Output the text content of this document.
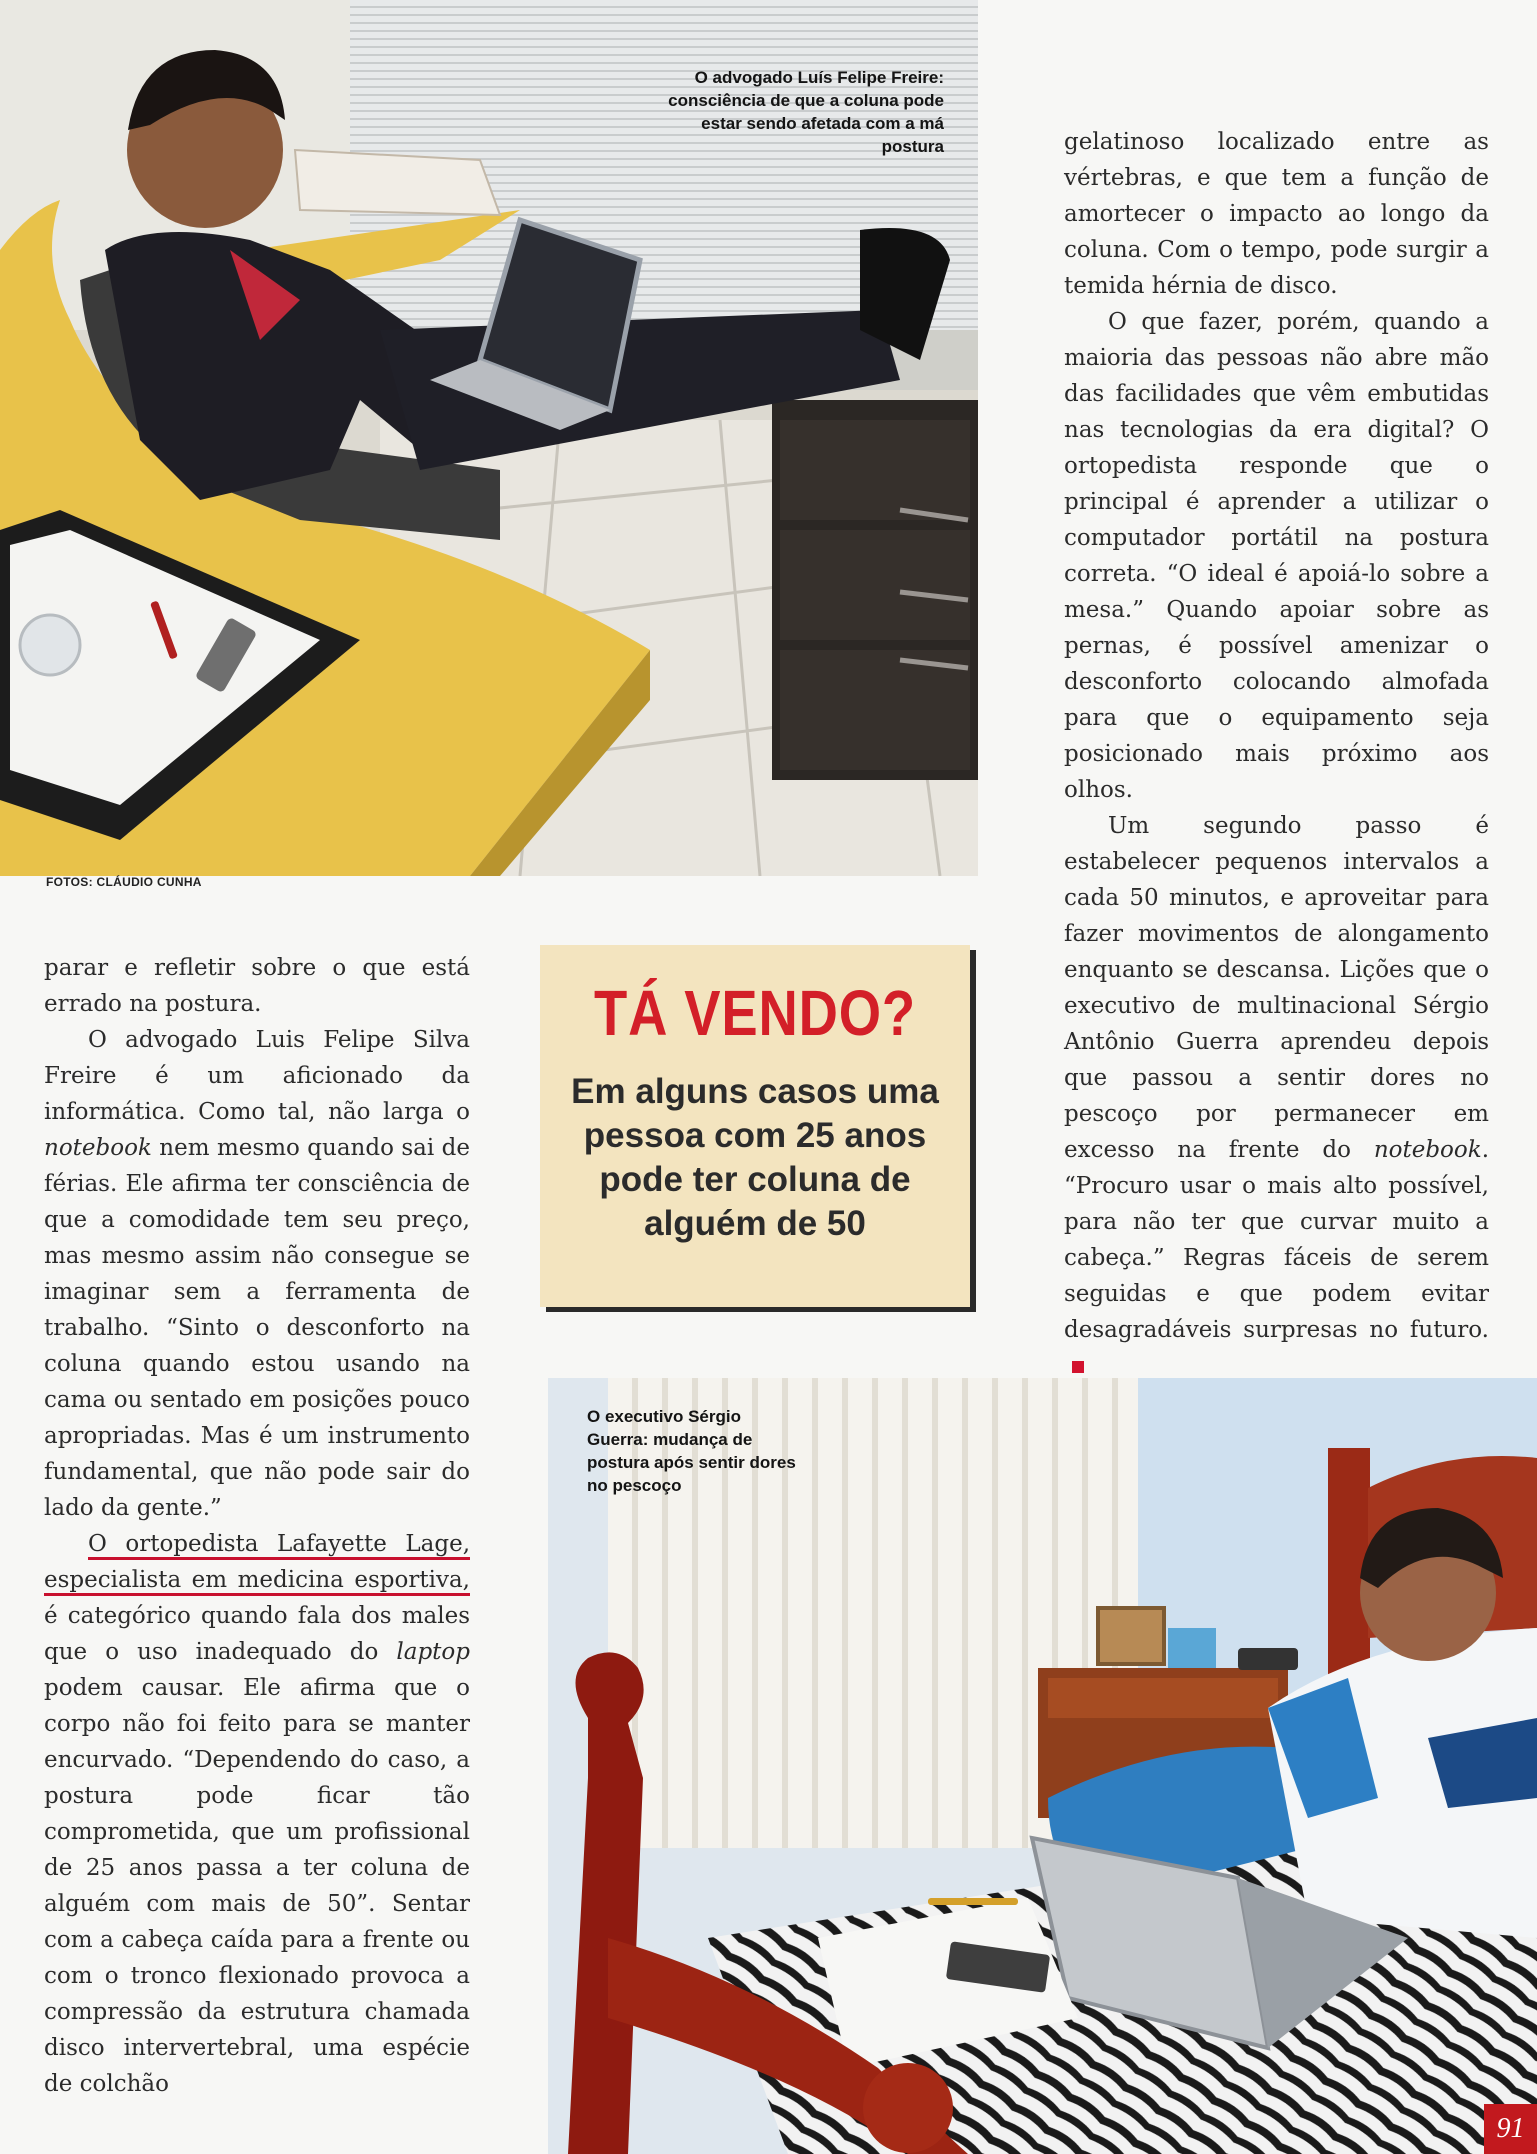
O advogado Luís Felipe Freire: consciência de que a coluna pode estar sendo afetada com a má postura
FOTOS: CLÁUDIO CUNHA
TÁ VENDO?
Em alguns casos uma pessoa com 25 anos pode ter coluna de alguém de 50

parar e refletir sobre o que está errado na postura.

O advogado Luis Felipe Silva Freire é um aficionado da informática. Como tal, não larga o notebook nem mesmo quando sai de férias. Ele afirma ter consciência de que a comodidade tem seu preço, mas mesmo assim não consegue se imaginar sem a ferramenta de trabalho. “Sinto o desconforto na coluna quando estou usando na cama ou sentado em posições pouco apropriadas. Mas é um instrumento fundamental, que não pode sair do lado da gente.”

O ortopedista Lafayette Lage, especialista em medicina esportiva, é categórico quando fala dos males que o uso inadequado do laptop podem causar. Ele afirma que o corpo não foi feito para se manter encurvado. “Dependendo do caso, a postura pode ficar tão comprometida, que um profissional de 25 anos passa a ter coluna de alguém com mais de 50”. Sentar com a cabeça caída para a frente ou com o tronco flexionado provoca a compressão da estrutura chamada disco intervertebral, uma espécie de colchão

gelatinoso localizado entre as vértebras, e que tem a função de amortecer o impacto ao longo da coluna. Com o tempo, pode surgir a temida hérnia de disco.

O que fazer, porém, quando a maioria das pessoas não abre mão das facilidades que vêm embutidas nas tecnologias da era digital? O ortopedista responde que o principal é aprender a utilizar o computador portátil na postura correta. “O ideal é apoiá-lo sobre a mesa.” Quando apoiar sobre as pernas, é possível amenizar o desconforto colocando almofada para que o equipamento seja posicionado mais próximo aos olhos.

Um segundo passo é estabelecer pequenos intervalos a cada 50 minutos, e aproveitar para fazer movimentos de alongamento enquanto se descansa. Lições que o executivo de multinacional Sérgio Antônio Guerra aprendeu depois que passou a sentir dores no pescoço por permanecer em excesso na frente do notebook. “Procuro usar o mais alto possível, para não ter que curvar muito a cabeça.” Regras fáceis de serem seguidas e que podem evitar desagradáveis surpresas no futuro.

O executivo Sérgio Guerra: mudança de postura após sentir dores no pescoço
91
